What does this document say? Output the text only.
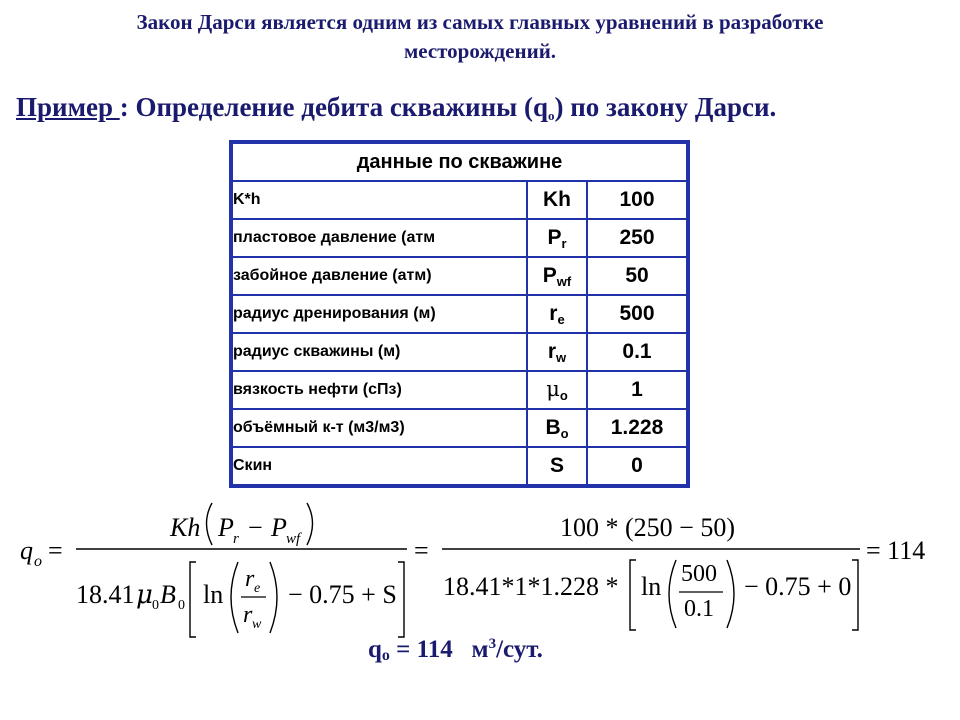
Закон Дарси является одним из самых главных уравнений в разработке
месторождений.
Пример : Определение дебита скважины $(q_o)$ по закону Дарси.
данные по скважине		
K*h	Kh	100
пластовое давление (атм	$P_r$	250
забойное давление (атм)	$P_{wf}$	50
радиус дренирования (м)	$r_e$	500
радиус скважины (м)	$r_w$	0.1
вязкость нефти (сПз)	$\mu_o$	1
объёмный к-т (м3/м3)	$B_o$	1.228
Скин	S	0
q o =
Kh P r − P wf
18.41 μ 0 B 0 ln
r e
r w
− 0.75 + S
=
100 * (250 − 50)
18.41*1*1.228 * ln 500
0.1
− 0.75 + 0
= 114
$q_o = 114$   $м^3$/сут.
